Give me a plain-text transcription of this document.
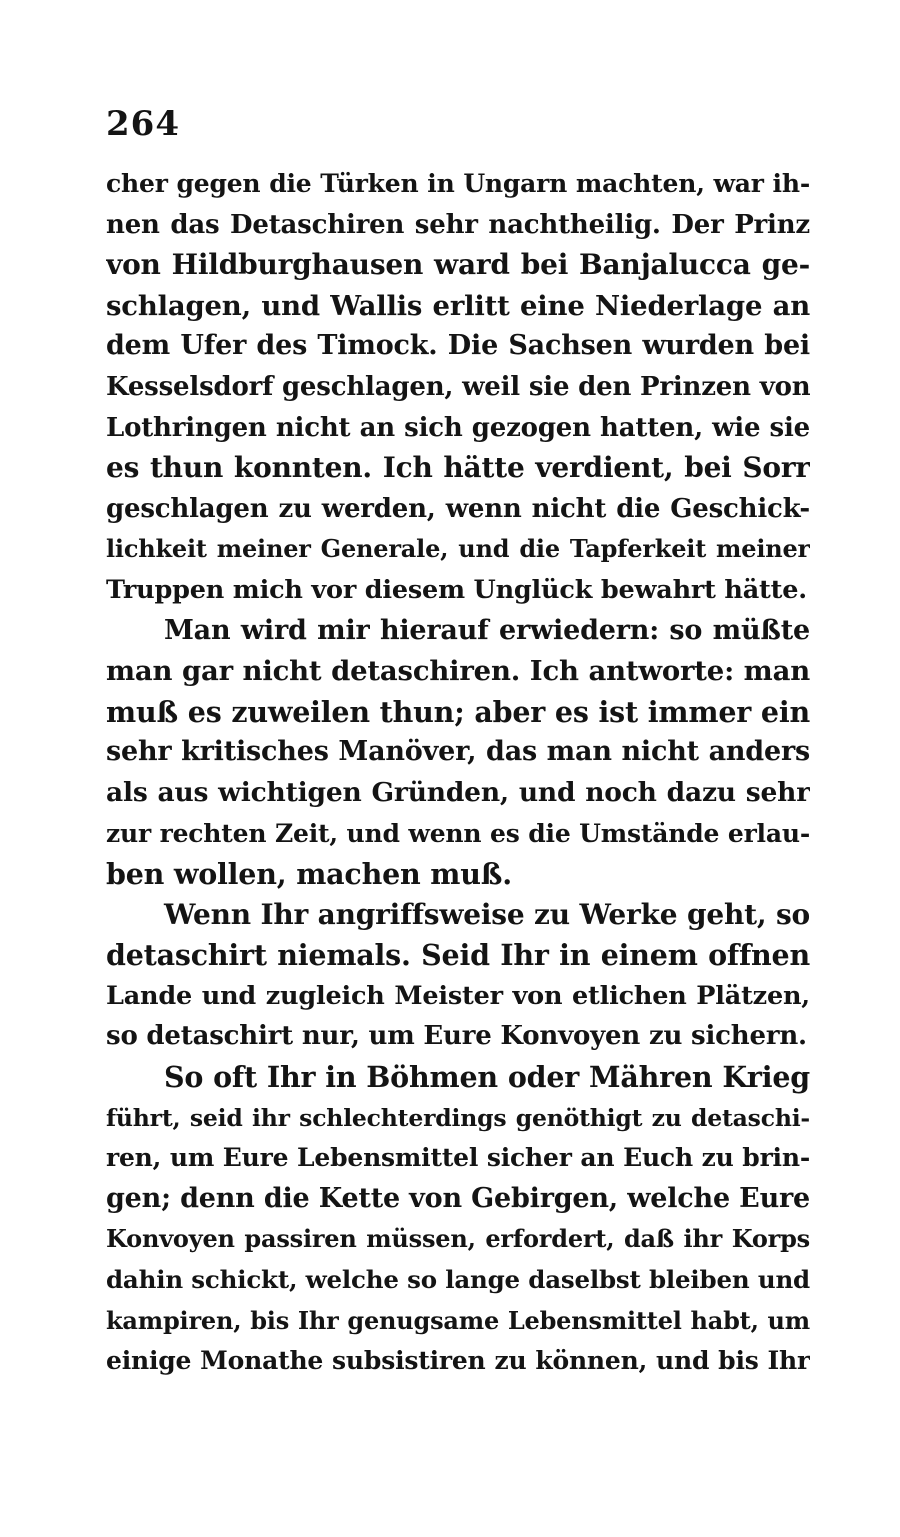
264
cher gegen die Türken in Ungarn machten, war ih-
nen das Detaschiren sehr nachtheilig. Der Prinz
von Hildburghausen ward bei Banjalucca ge-
schlagen, und Wallis erlitt eine Niederlage an
dem Ufer des Timock. Die Sachsen wurden bei
Kesselsdorf geschlagen, weil sie den Prinzen von
Lothringen nicht an sich gezogen hatten, wie sie
es thun konnten. Ich hätte verdient, bei Sorr
geschlagen zu werden, wenn nicht die Geschick-
lichkeit meiner Generale, und die Tapferkeit meiner
Truppen mich vor diesem Unglück bewahrt hätte.
Man wird mir hierauf erwiedern: so müßte
man gar nicht detaschiren. Ich antworte: man
muß es zuweilen thun; aber es ist immer ein
sehr kritisches Manöver, das man nicht anders
als aus wichtigen Gründen, und noch dazu sehr
zur rechten Zeit, und wenn es die Umstände erlau-
ben wollen, machen muß.
Wenn Ihr angriffsweise zu Werke geht, so
detaschirt niemals. Seid Ihr in einem offnen
Lande und zugleich Meister von etlichen Plätzen,
so detaschirt nur, um Eure Konvoyen zu sichern.
So oft Ihr in Böhmen oder Mähren Krieg
führt, seid ihr schlechterdings genöthigt zu detaschi-
ren, um Eure Lebensmittel sicher an Euch zu brin-
gen; denn die Kette von Gebirgen, welche Eure
Konvoyen passiren müssen, erfordert, daß ihr Korps
dahin schickt, welche so lange daselbst bleiben und
kampiren, bis Ihr genugsame Lebensmittel habt, um
einige Monathe subsistiren zu können, und bis Ihr
